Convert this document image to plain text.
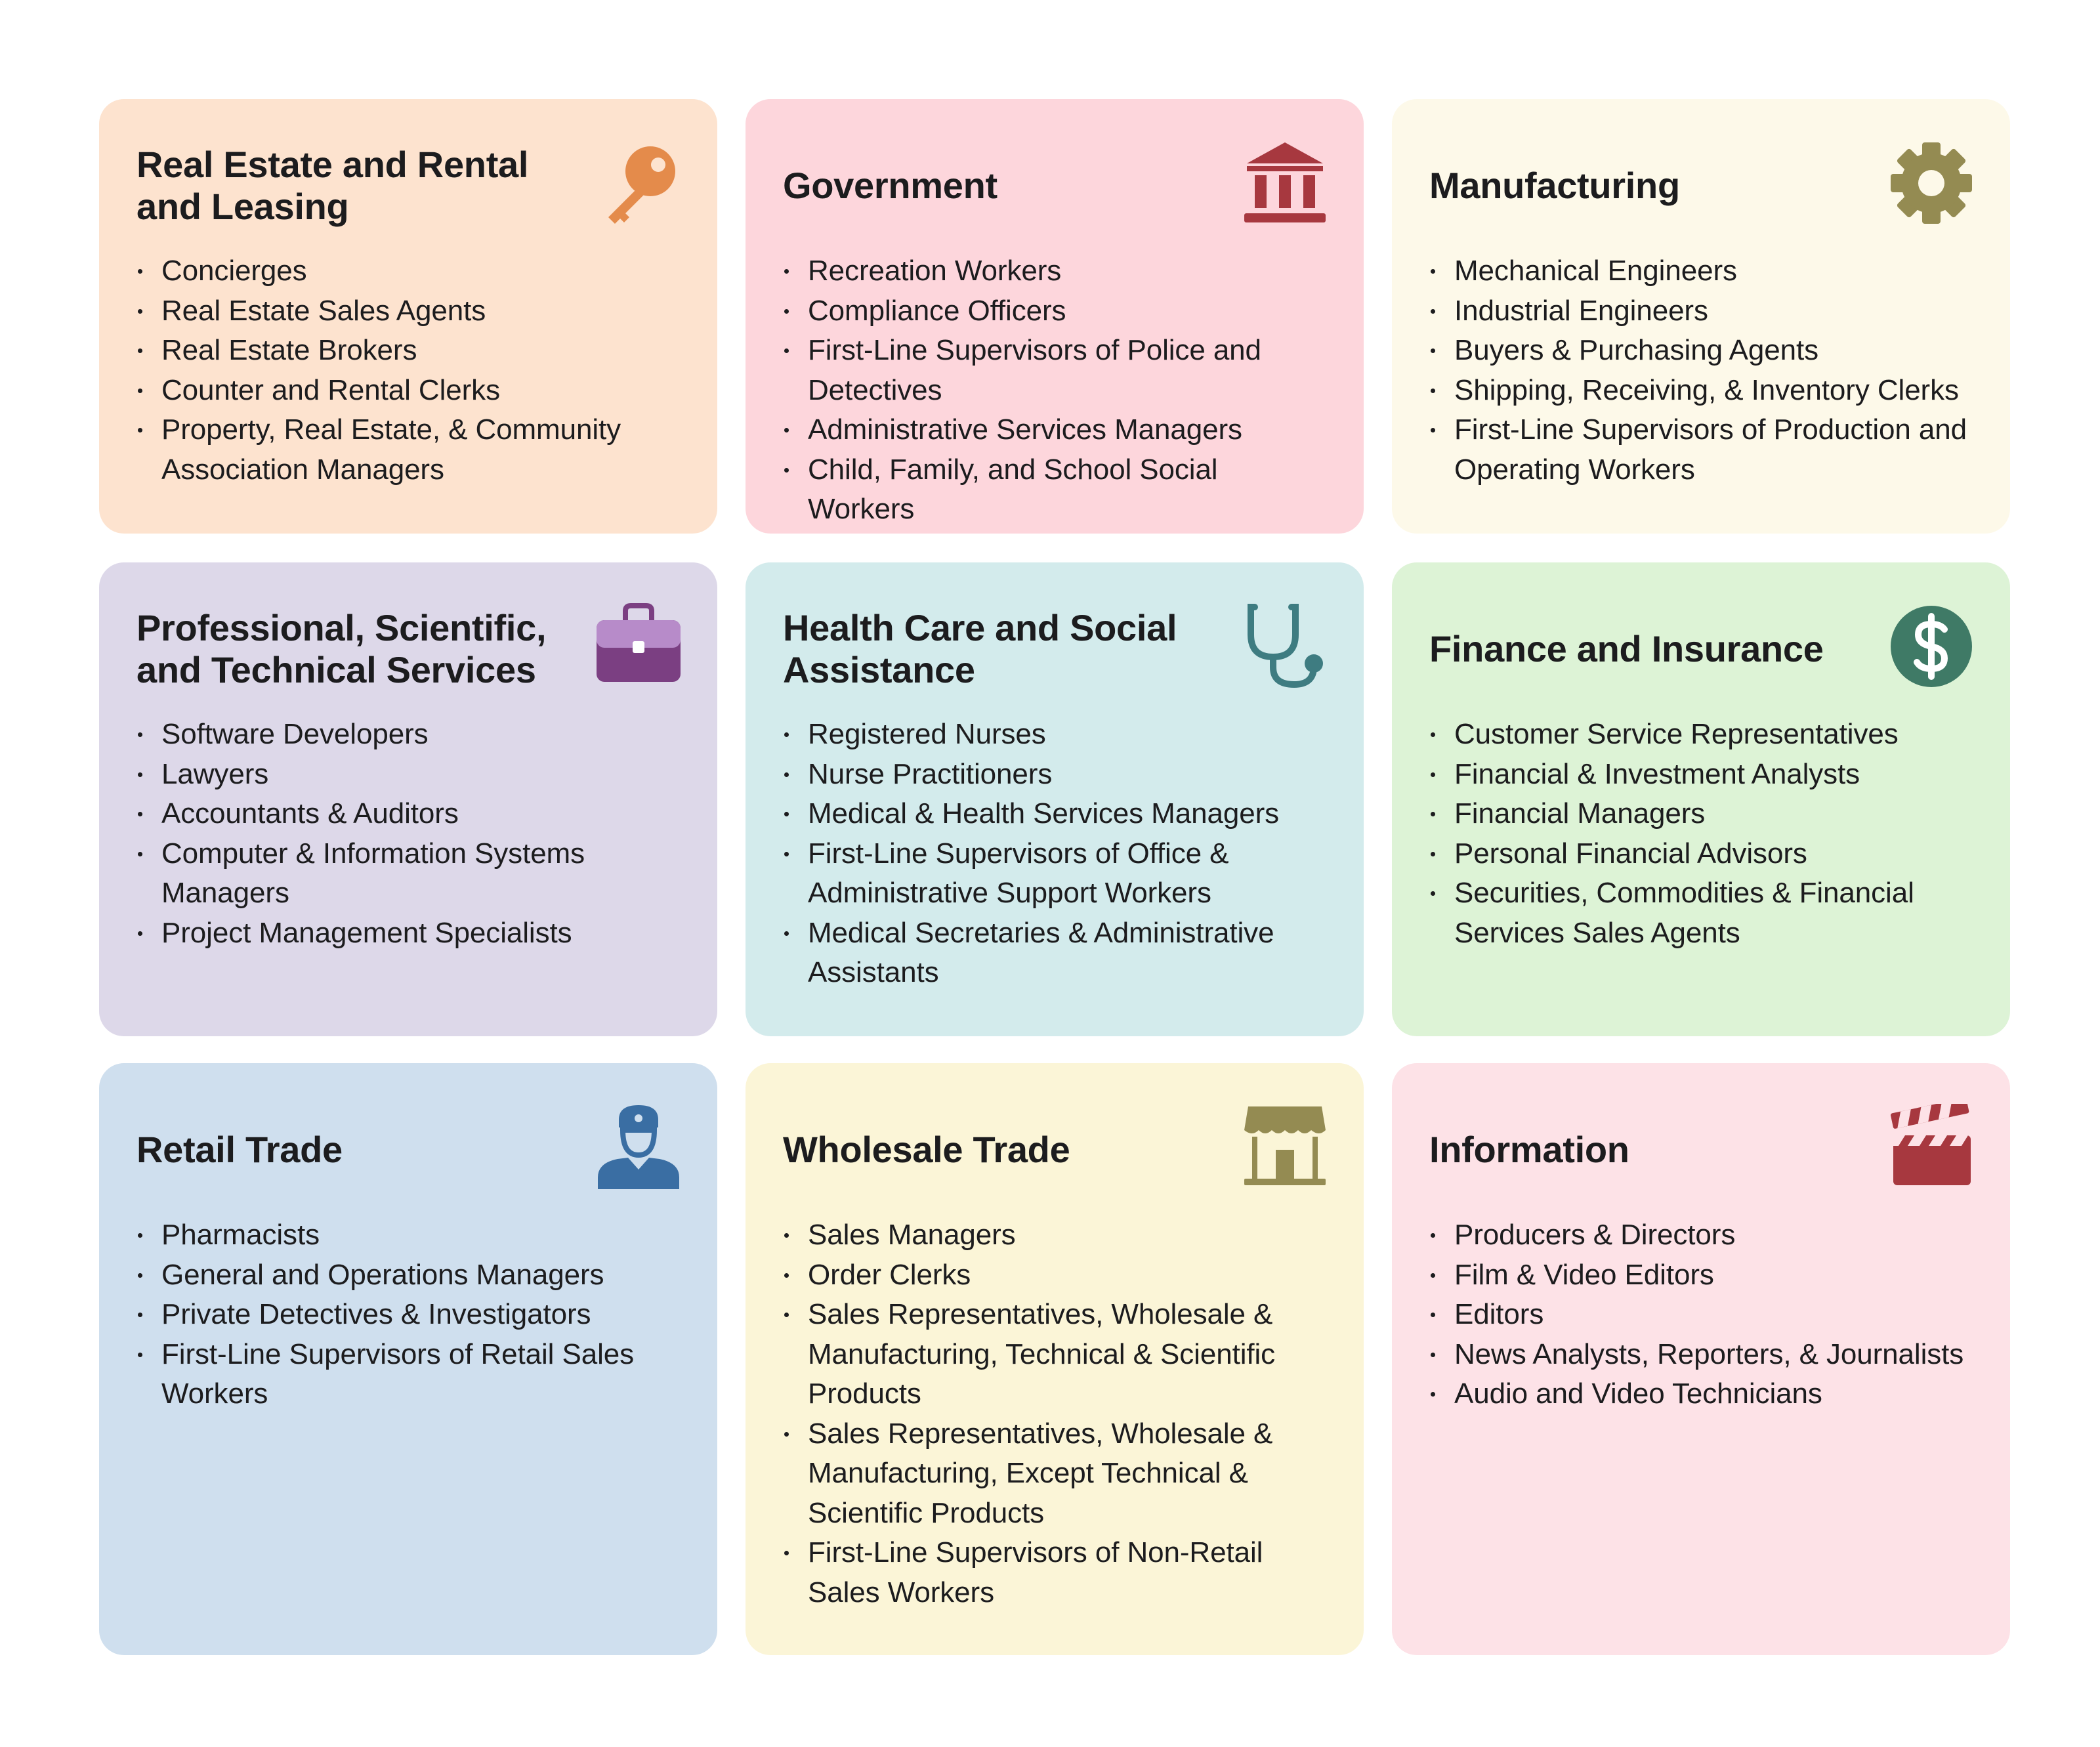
Real Estate and Rental and Leasing
Concierges
Real Estate Sales Agents
Real Estate Brokers
Counter and Rental Clerks
Property, Real Estate, & Community Association Managers
Government
Recreation Workers
Compliance Officers
First-Line Supervisors of Police and Detectives
Administrative Services Managers
Child, Family, and School Social Workers
Manufacturing
Mechanical Engineers
Industrial Engineers
Buyers & Purchasing Agents
Shipping, Receiving, & Inventory Clerks
First-Line Supervisors of Production and Operating Workers
Professional, Scientific, and Technical Services
Software Developers
Lawyers
Accountants & Auditors
Computer & Information Systems Managers
Project Management Specialists
Health Care and Social Assistance
Registered Nurses
Nurse Practitioners
Medical & Health Services Managers
First-Line Supervisors of Office & Administrative Support Workers
Medical Secretaries & Administrative Assistants
Finance and Insurance
Customer Service Representatives
Financial & Investment Analysts
Financial Managers
Personal Financial Advisors
Securities, Commodities & Financial Services Sales Agents
Retail Trade
Pharmacists
General and Operations Managers
Private Detectives & Investigators
First-Line Supervisors of Retail Sales Workers
Wholesale Trade
Sales Managers
Order Clerks
Sales Representatives, Wholesale & Manufacturing, Technical & Scientific Products
Sales Representatives, Wholesale & Manufacturing, Except Technical & Scientific Products
First-Line Supervisors of Non-Retail Sales Workers
Information
Producers & Directors
Film & Video Editors
Editors
News Analysts, Reporters, & Journalists
Audio and Video Technicians
